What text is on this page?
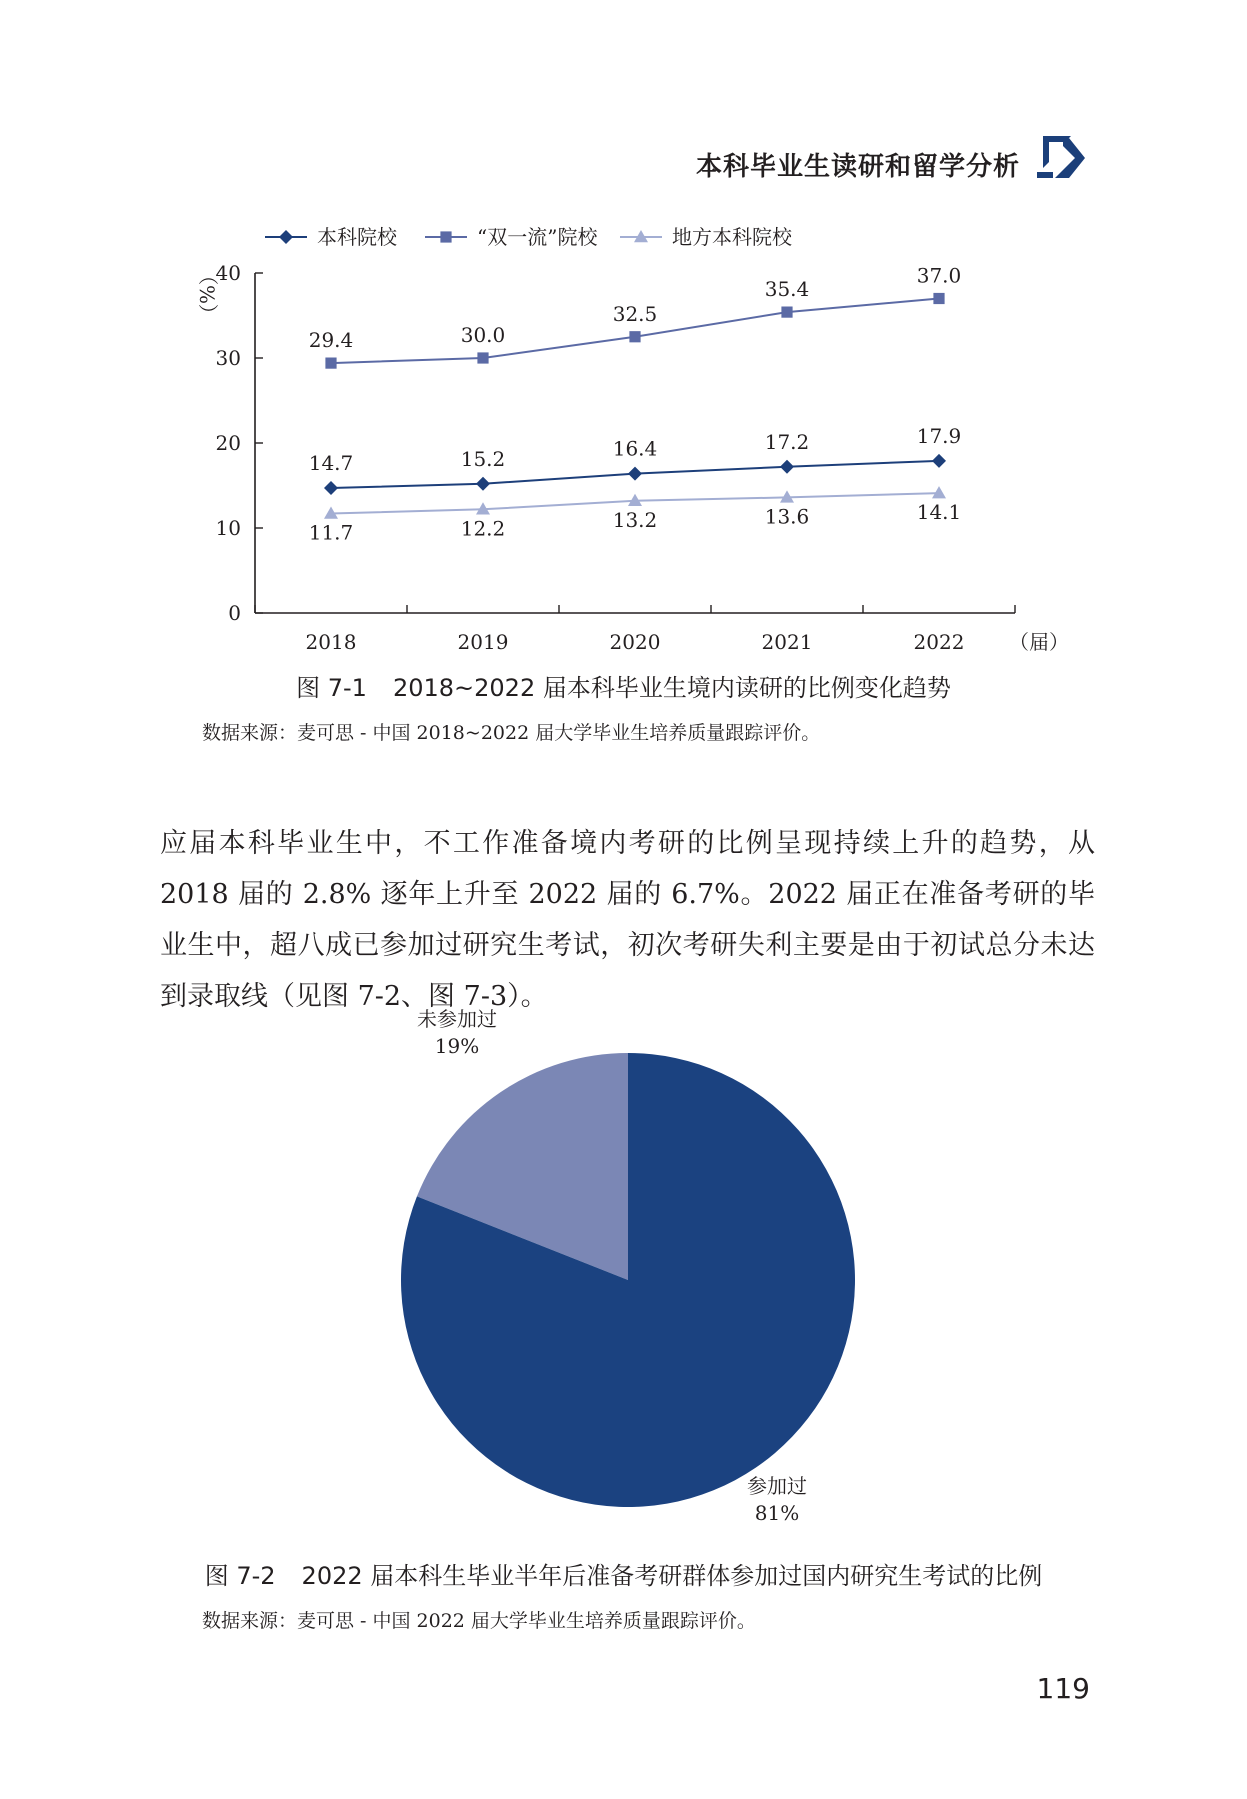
本科毕业生读研和留学分析
0
10
20
30
40
（%）
2018	2019	2020	2021	2022 （届）
14.7	15.2	16.4	17.2	17.9
29.4	30.0
32.5
35.4
37.0
11.7	12.2	13.2	13.6	14.1
本科院校	“双一流”院校	地方本科院校
图 7-1 2018~2022 届本科毕业生境内读研的比例变化趋势
数据来源：麦可思 - 中国 2018~2022 届大学毕业生培养质量跟踪评价。
应届本科毕业生中，不工作准备境内考研的比例呈现持续上升的趋势，从 2018 届的 2.8% 逐年上升至 2022 届的 6.7%。2022 届正在准备考研的毕业生中，超八成已参加过研究生考试，初次考研失利主要是由于初试总分未达到录取线（见图 7-2、图 7-3）。
未参加过
19%
参加过
81%
图 7-2 2022 届本科生毕业半年后准备考研群体参加过国内研究生考试的比例
数据来源：麦可思 - 中国 2022 届大学毕业生培养质量跟踪评价。
119
